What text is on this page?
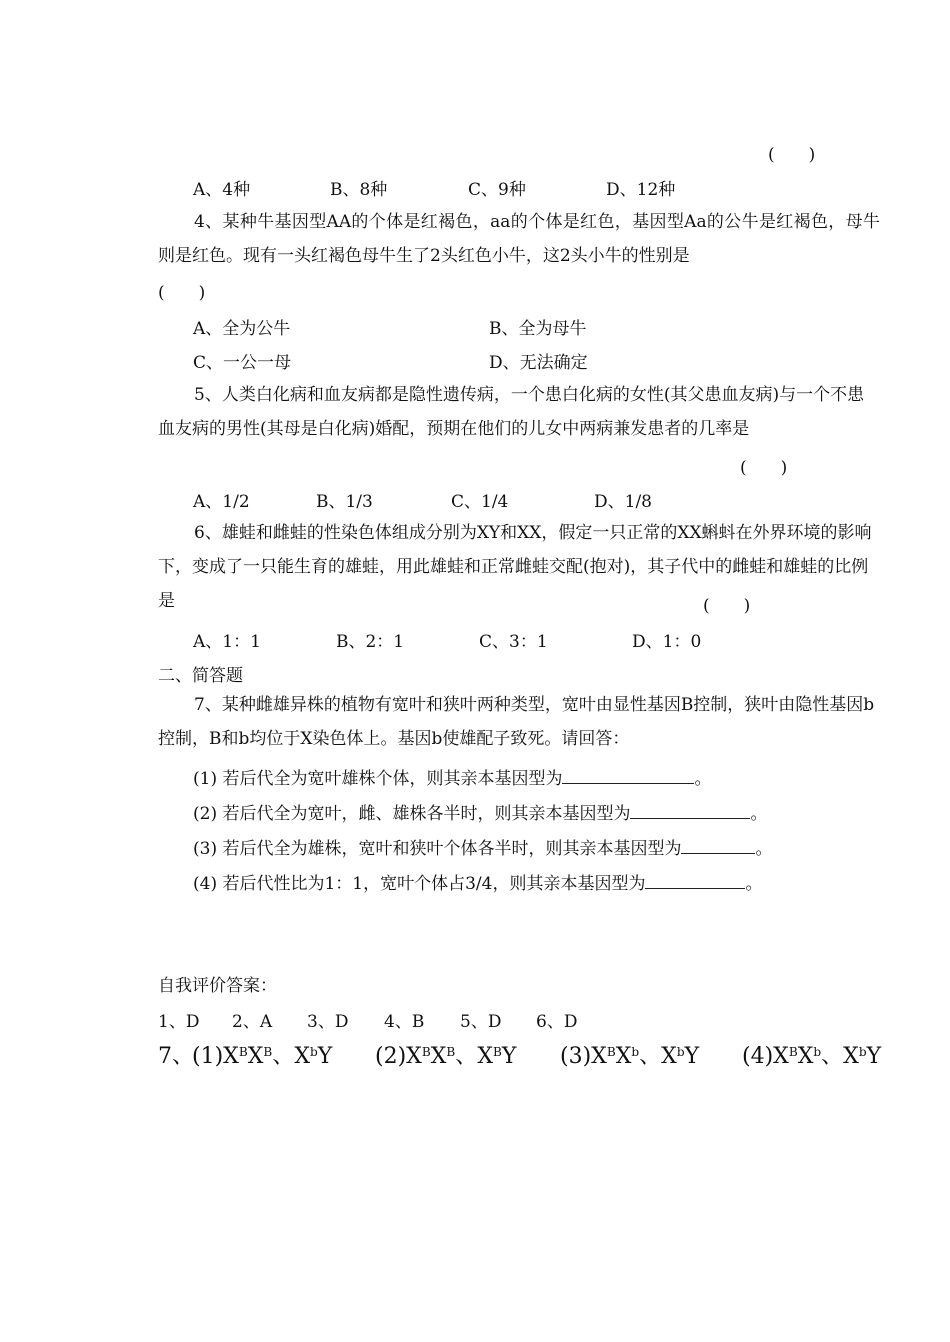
(　　)
A、4种	B、8种	C、9种	D、12种
4、某种牛基因型AA的个体是红褐色，aa的个体是红色，基因型Aa的公牛是红褐色，母牛则是红色。现有一头红褐色母牛生了2头红色小牛，这2头小牛的性别是
(　　)
A、全为公牛	B、全为母牛
C、一公一母	D、无法确定
5、人类白化病和血友病都是隐性遗传病，一个患白化病的女性(其父患血友病)与一个不患血友病的男性(其母是白化病)婚配，预期在他们的儿女中两病兼发患者的几率是
(　　)
A、1/2	B、1/3	C、1/4	D、1/8
6、雄蛙和雌蛙的性染色体组成分别为XY和XX，假定一只正常的XX蝌蚪在外界环境的影响下，变成了一只能生育的雄蛙，用此雄蛙和正常雌蛙交配(抱对)，其子代中的雌蛙和雄蛙的比例是	(　　)
A、1：1	B、2：1	C、3：1	D、1：0
二、简答题
7、某种雌雄异株的植物有宽叶和狭叶两种类型，宽叶由显性基因B控制，狭叶由隐性基因b控制，B和b均位于X染色体上。基因b使雄配子致死。请回答：
(1) 若后代全为宽叶雄株个体，则其亲本基因型为	。
(2) 若后代全为宽叶，雌、雄株各半时，则其亲本基因型为	。
(3) 若后代全为雄株，宽叶和狭叶个体各半时，则其亲本基因型为	。
(4) 若后代性比为1：1，宽叶个体占3/4，则其亲本基因型为	。
自我评价答案：
1、D 2、A 3、D 4、B 5、D 6、D
7、
$(1)X^BX^B$、$X^bY$ $(2)X^BX^B$、$X^BY$ $(3)X^BX^b$、$X^bY$ $(4)X^BX^b$、$X^bY$
